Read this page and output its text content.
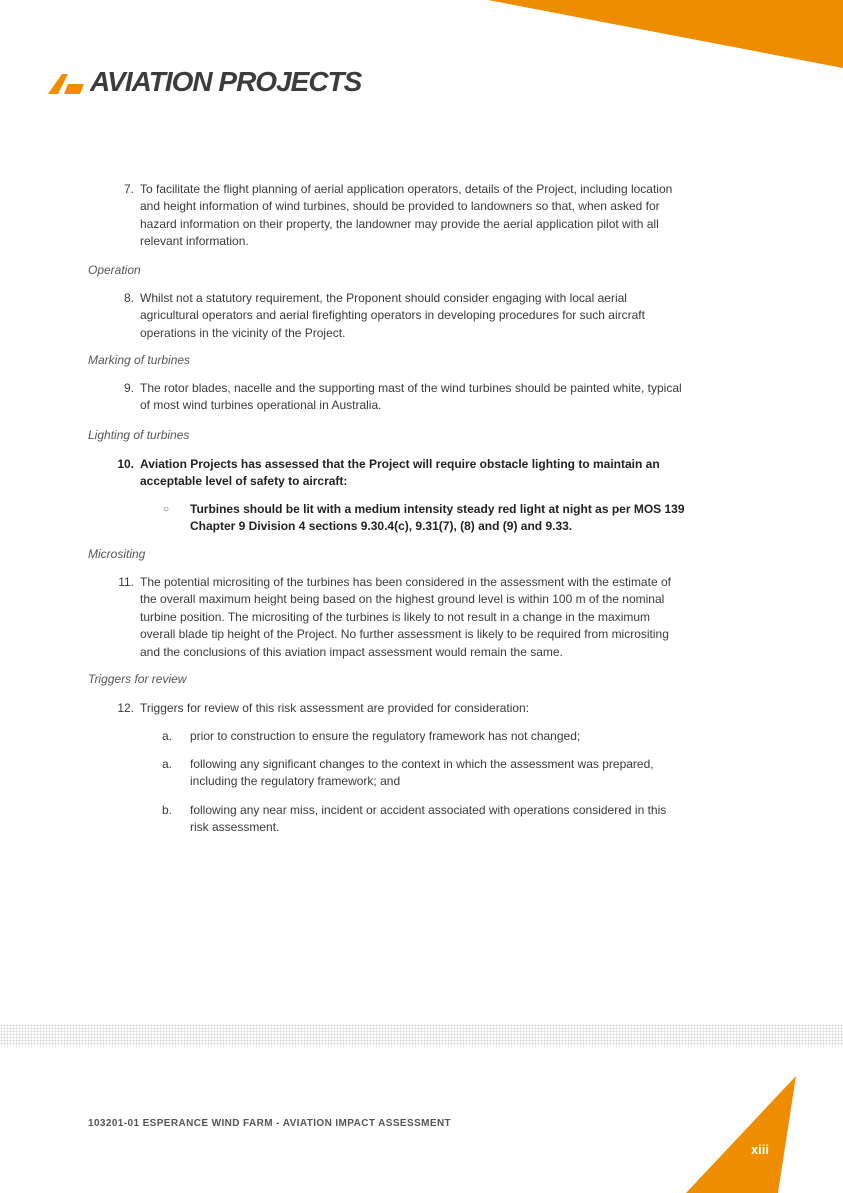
AVIATION PROJECTS
7. To facilitate the flight planning of aerial application operators, details of the Project, including location and height information of wind turbines, should be provided to landowners so that, when asked for hazard information on their property, the landowner may provide the aerial application pilot with all relevant information.
Operation
8. Whilst not a statutory requirement, the Proponent should consider engaging with local aerial agricultural operators and aerial firefighting operators in developing procedures for such aircraft operations in the vicinity of the Project.
Marking of turbines
9. The rotor blades, nacelle and the supporting mast of the wind turbines should be painted white, typical of most wind turbines operational in Australia.
Lighting of turbines
10. Aviation Projects has assessed that the Project will require obstacle lighting to maintain an acceptable level of safety to aircraft:
○ Turbines should be lit with a medium intensity steady red light at night as per MOS 139 Chapter 9 Division 4 sections 9.30.4(c), 9.31(7), (8) and (9) and 9.33.
Micrositing
11. The potential micrositing of the turbines has been considered in the assessment with the estimate of the overall maximum height being based on the highest ground level is within 100 m of the nominal turbine position. The micrositing of the turbines is likely to not result in a change in the maximum overall blade tip height of the Project. No further assessment is likely to be required from micrositing and the conclusions of this aviation impact assessment would remain the same.
Triggers for review
12. Triggers for review of this risk assessment are provided for consideration:
a. prior to construction to ensure the regulatory framework has not changed;
a. following any significant changes to the context in which the assessment was prepared, including the regulatory framework; and
b. following any near miss, incident or accident associated with operations considered in this risk assessment.
103201-01 ESPERANCE WIND FARM - AVIATION IMPACT ASSESSMENT
xiii
